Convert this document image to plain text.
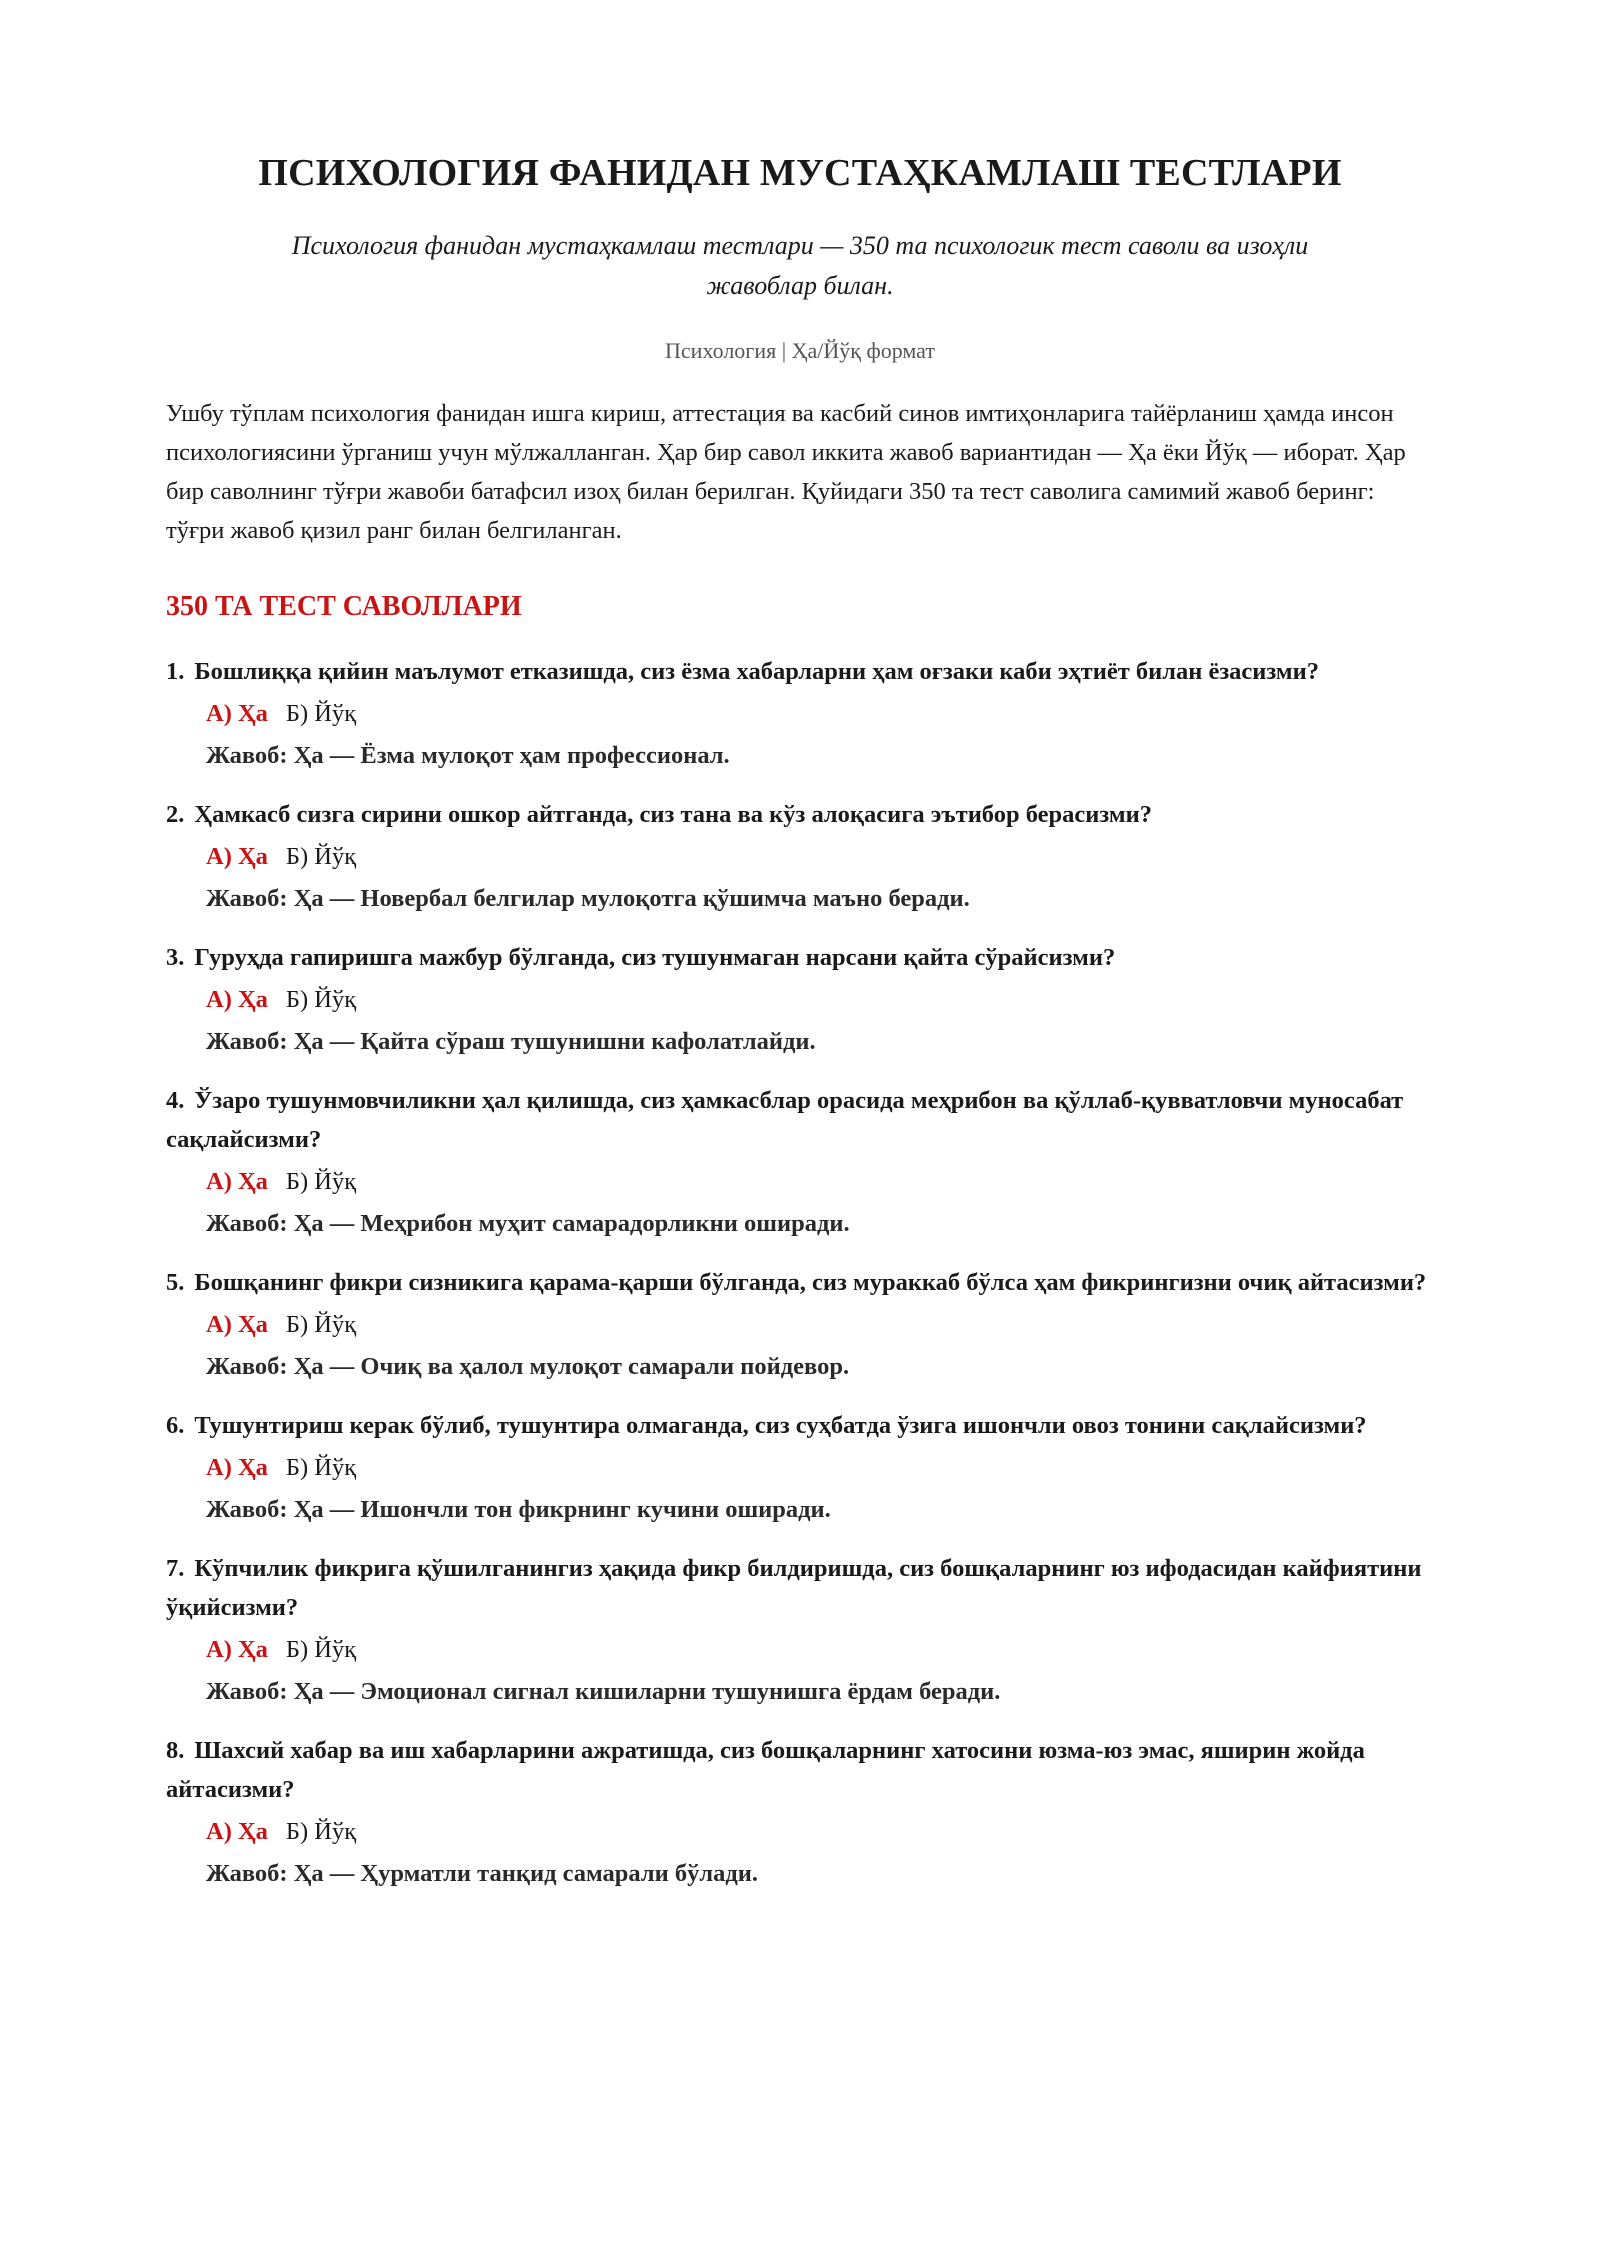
ПСИХОЛОГИЯ ФАНИДАН МУСТАҲКАМЛАШ ТЕСТЛАРИ
Психология фанидан мустаҳкамлаш тестлари — 350 та психологик тест саволи ва изоҳли жавоблар билан.
Психология | Ҳа/Йўқ формат
Ушбу тўплам психология фанидан ишга кириш, аттестация ва касбий синов имтиҳонларига тайёрланиш ҳамда инсон психологиясини ўрганиш учун мўлжалланган. Ҳар бир савол иккита жавоб вариантидан — Ҳа ёки Йўқ — иборат. Ҳар бир саволнинг тўғри жавоби батафсил изоҳ билан берилган. Қуйидаги 350 та тест саволига самимий жавоб беринг: тўғри жавоб қизил ранг билан белгиланган.
350 ТА ТЕСТ САВОЛЛАРИ
1. Бошлиққа қийин маълумот етказишда, сиз ёзма хабарларни ҳам оғзаки каби эҳтиёт билан ёзасизми?
А) Ҳа Б) Йўқ
Жавоб: Ҳа — Ёзма мулоқот ҳам профессионал.
2. Ҳамкасб сизга сирини ошкор айтганда, сиз тана ва кўз алоқасига эътибор берасизми?
А) Ҳа Б) Йўқ
Жавоб: Ҳа — Новербал белгилар мулоқотга қўшимча маъно беради.
3. Гуруҳда гапиришга мажбур бўлганда, сиз тушунмаган нарсани қайта сўрайсизми?
А) Ҳа Б) Йўқ
Жавоб: Ҳа — Қайта сўраш тушунишни кафолатлайди.
4. Ўзаро тушунмовчиликни ҳал қилишда, сиз ҳамкасблар орасида меҳрибон ва қўллаб-қувватловчи муносабат сақлайсизми?
А) Ҳа Б) Йўқ
Жавоб: Ҳа — Меҳрибон муҳит самарадорликни оширади.
5. Бошқанинг фикри сизникига қарама-қарши бўлганда, сиз мураккаб бўлса ҳам фикрингизни очиқ айтасизми?
А) Ҳа Б) Йўқ
Жавоб: Ҳа — Очиқ ва ҳалол мулоқот самарали пойдевор.
6. Тушунтириш керак бўлиб, тушунтира олмаганда, сиз суҳбатда ўзига ишончли овоз тонини сақлайсизми?
А) Ҳа Б) Йўқ
Жавоб: Ҳа — Ишончли тон фикрнинг кучини оширади.
7. Кўпчилик фикрига қўшилганингиз ҳақида фикр билдиришда, сиз бошқаларнинг юз ифодасидан кайфиятини ўқийсизми?
А) Ҳа Б) Йўқ
Жавоб: Ҳа — Эмоционал сигнал кишиларни тушунишга ёрдам беради.
8. Шахсий хабар ва иш хабарларини ажратишда, сиз бошқаларнинг хатосини юзма-юз эмас, яширин жойда айтасизми?
А) Ҳа Б) Йўқ
Жавоб: Ҳа — Ҳурматли танқид самарали бўлади.
